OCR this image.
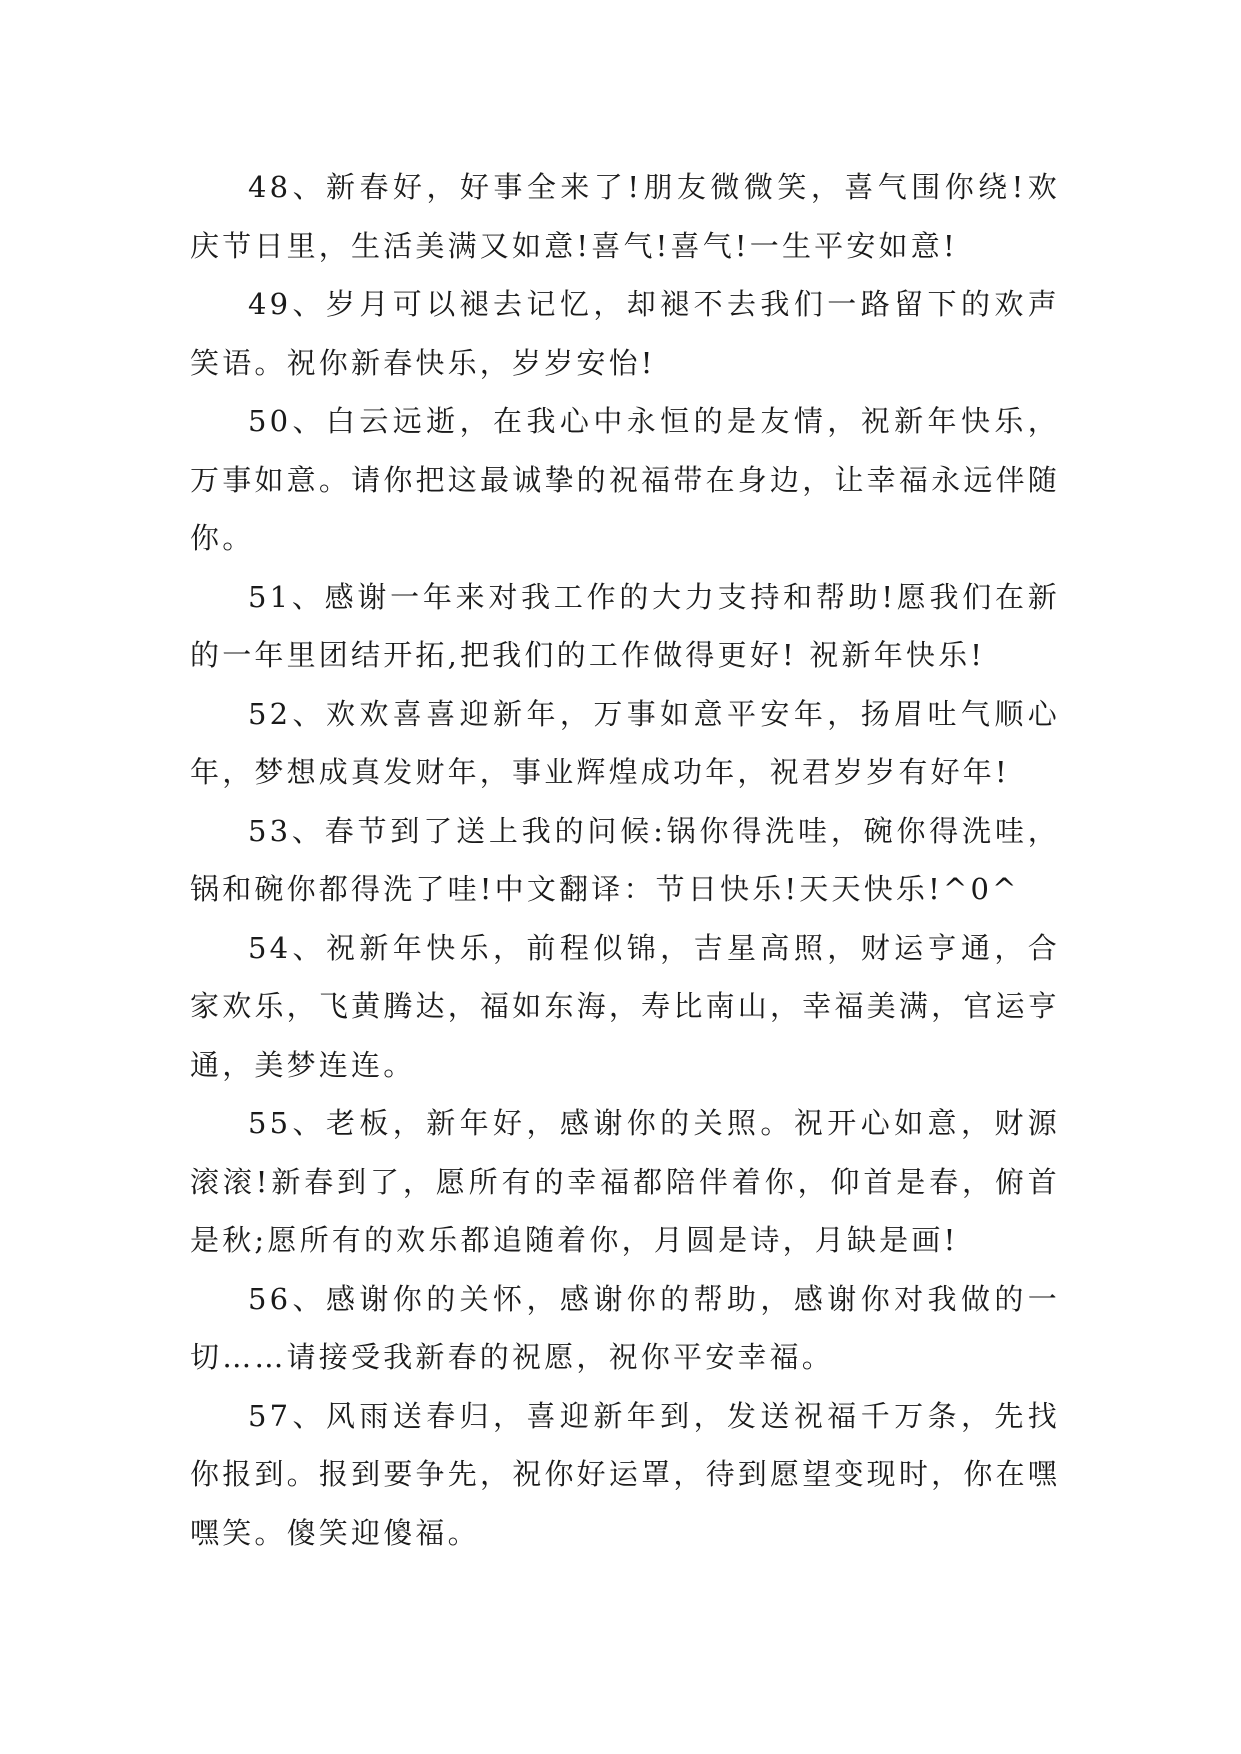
48、新春好，好事全来了!朋友微微笑，喜气围你绕!欢庆节日里，生活美满又如意!喜气!喜气!一生平安如意!

49、岁月可以褪去记忆，却褪不去我们一路留下的欢声笑语。祝你新春快乐，岁岁安怡!

50、白云远逝，在我心中永恒的是友情，祝新年快乐，万事如意。请你把这最诚挚的祝福带在身边，让幸福永远伴随你。

51、感谢一年来对我工作的大力支持和帮助!愿我们在新的一年里团结开拓,把我们的工作做得更好! 祝新年快乐!

52、欢欢喜喜迎新年，万事如意平安年，扬眉吐气顺心年，梦想成真发财年，事业辉煌成功年，祝君岁岁有好年!

53、春节到了送上我的问候:锅你得洗哇，碗你得洗哇，锅和碗你都得洗了哇!中文翻译：节日快乐!天天快乐!^0^

54、祝新年快乐，前程似锦，吉星高照，财运亨通，合家欢乐，飞黄腾达，福如东海，寿比南山，幸福美满，官运亨通，美梦连连。

55、老板，新年好，感谢你的关照。祝开心如意，财源滚滚!新春到了，愿所有的幸福都陪伴着你，仰首是春，俯首是秋;愿所有的欢乐都追随着你，月圆是诗，月缺是画!

56、感谢你的关怀，感谢你的帮助，感谢你对我做的一切……请接受我新春的祝愿，祝你平安幸福。

57、风雨送春归，喜迎新年到，发送祝福千万条，先找你报到。报到要争先，祝你好运罩，待到愿望变现时，你在嘿嘿笑。傻笑迎傻福。
